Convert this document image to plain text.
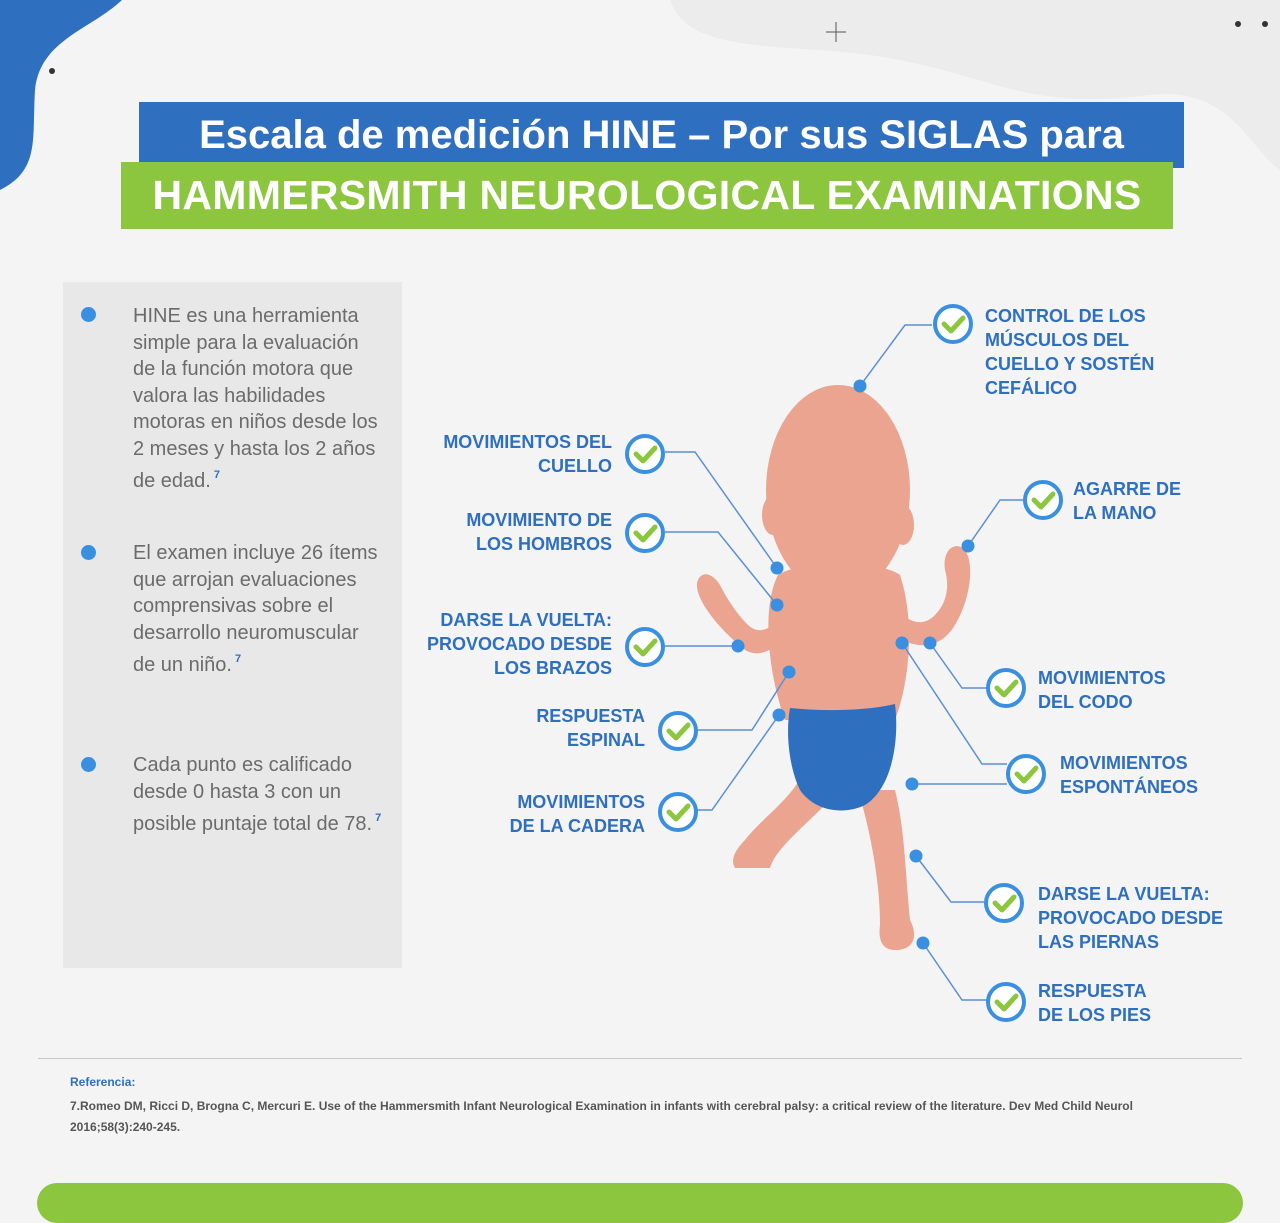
Escala de medición HINE – Por sus SIGLAS para
HAMMERSMITH NEUROLOGICAL EXAMINATIONS
HINE es una herramienta simple para la evaluación de la función motora que valora las habilidades motoras en niños desde los 2 meses y hasta los 2 años de edad. $^7$
El examen incluye 26 ítems que arrojan evaluaciones comprensivas sobre el desarrollo neuromuscular de un niño. $^7$
Cada punto es calificado desde 0 hasta 3 con un posible puntaje total de 78. $^7$
MOVIMIENTOS DEL CUELLO
MOVIMIENTO DE LOS HOMBROS
DARSE LA VUELTA: PROVOCADO DESDE LOS BRAZOS
RESPUESTA ESPINAL
MOVIMIENTOS DE LA CADERA
CONTROL DE LOS MÚSCULOS DEL CUELLO Y SOSTÉN CEFÁLICO
AGARRE DE LA MANO
MOVIMIENTOS DEL CODO
MOVIMIENTOS ESPONTÁNEOS
DARSE LA VUELTA: PROVOCADO DESDE LAS PIERNAS
RESPUESTA DE LOS PIES
Referencia:
7.Romeo DM, Ricci D, Brogna C, Mercuri E. Use of the Hammersmith Infant Neurological Examination in infants with cerebral palsy: a critical review of the literature. Dev Med Child Neurol 2016;58(3):240-245.
